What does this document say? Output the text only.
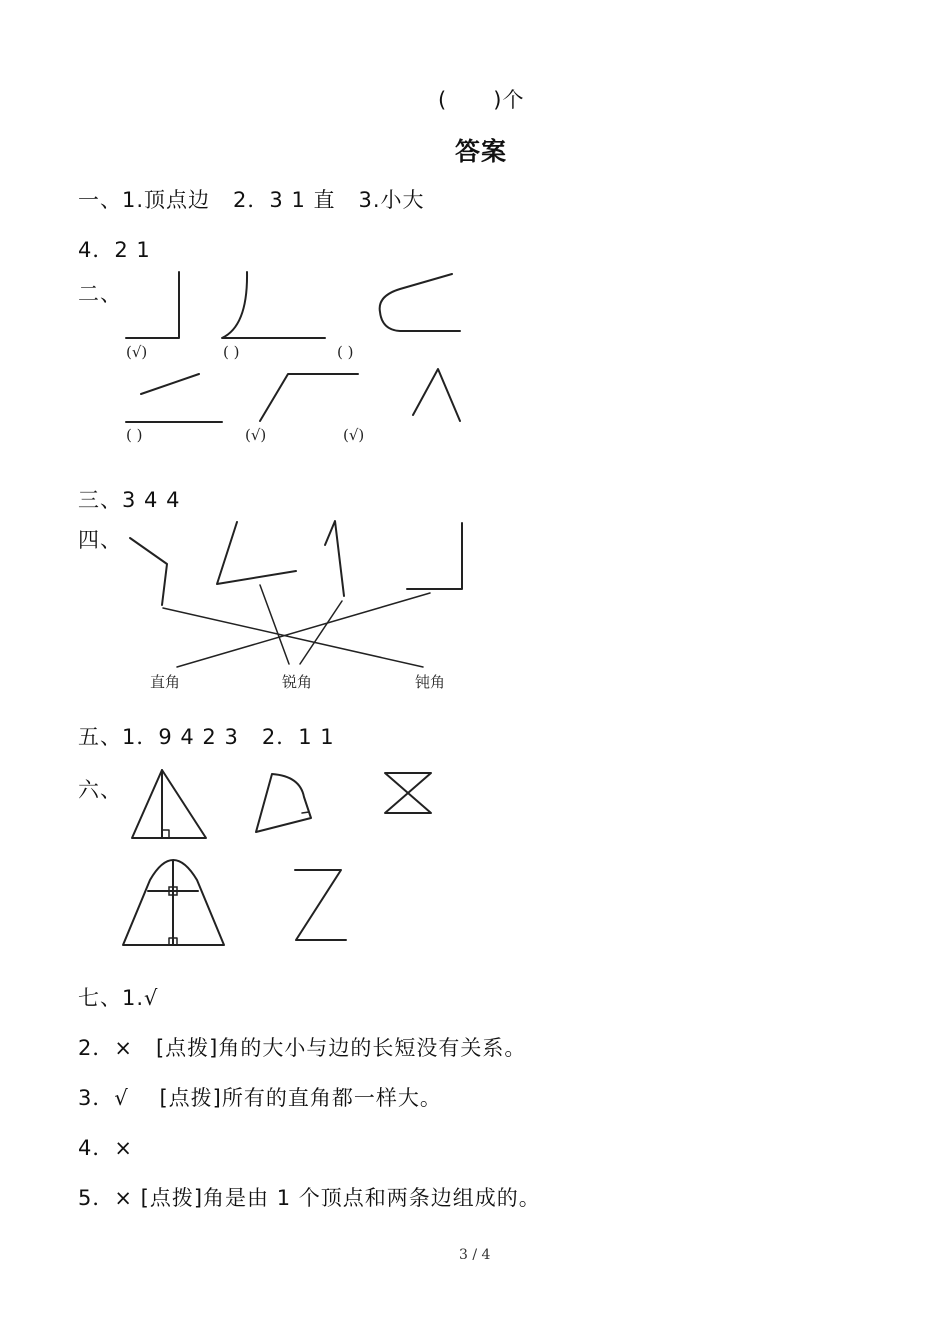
(      )个
答案
一、1.顶点边   2．3 1 直   3.小大
4．2 1
二、
三、3 4 4
四、
五、1．9 4 2 3   2．1 1
六、
七、1.√
2．×   [点拨]角的大小与边的长短没有关系。
3．√    [点拨]所有的直角都一样大。
4．×
5．× [点拨]角是由 1 个顶点和两条边组成的。
3 / 4
(√)	( )	( )
( )	(√)	(√)
直角	锐角	钝角
